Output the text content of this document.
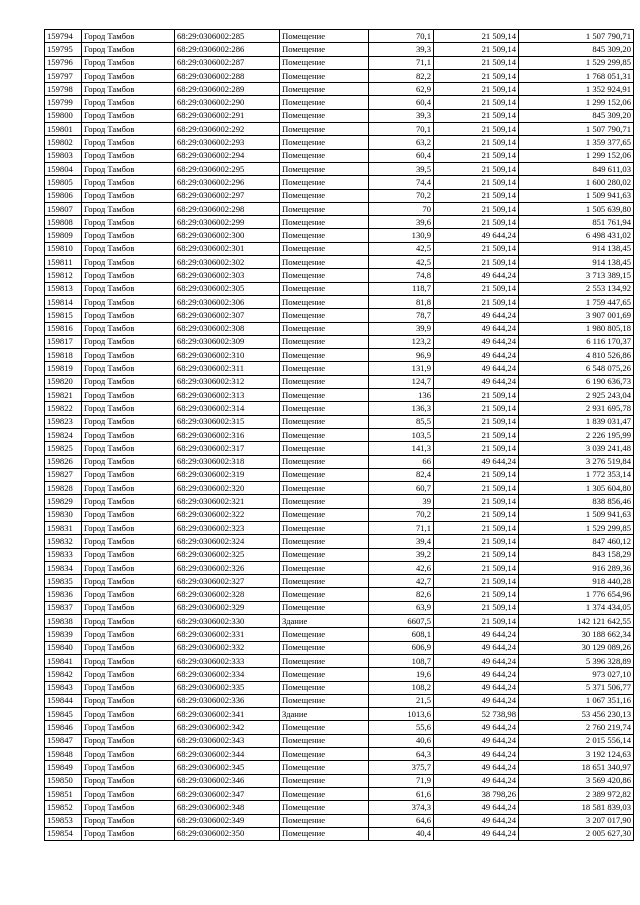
159794	Город Тамбов	68:29:0306002:285	Помещение	70,1	21 509,14	1 507 790,71
159795	Город Тамбов	68:29:0306002:286	Помещение	39,3	21 509,14	845 309,20
159796	Город Тамбов	68:29:0306002:287	Помещение	71,1	21 509,14	1 529 299,85
159797	Город Тамбов	68:29:0306002:288	Помещение	82,2	21 509,14	1 768 051,31
159798	Город Тамбов	68:29:0306002:289	Помещение	62,9	21 509,14	1 352 924,91
159799	Город Тамбов	68:29:0306002:290	Помещение	60,4	21 509,14	1 299 152,06
159800	Город Тамбов	68:29:0306002:291	Помещение	39,3	21 509,14	845 309,20
159801	Город Тамбов	68:29:0306002:292	Помещение	70,1	21 509,14	1 507 790,71
159802	Город Тамбов	68:29:0306002:293	Помещение	63,2	21 509,14	1 359 377,65
159803	Город Тамбов	68:29:0306002:294	Помещение	60,4	21 509,14	1 299 152,06
159804	Город Тамбов	68:29:0306002:295	Помещение	39,5	21 509,14	849 611,03
159805	Город Тамбов	68:29:0306002:296	Помещение	74,4	21 509,14	1 600 280,02
159806	Город Тамбов	68:29:0306002:297	Помещение	70,2	21 509,14	1 509 941,63
159807	Город Тамбов	68:29:0306002:298	Помещение	70	21 509,14	1 505 639,80
159808	Город Тамбов	68:29:0306002:299	Помещение	39,6	21 509,14	851 761,94
159809	Город Тамбов	68:29:0306002:300	Помещение	130,9	49 644,24	6 498 431,02
159810	Город Тамбов	68:29:0306002:301	Помещение	42,5	21 509,14	914 138,45
159811	Город Тамбов	68:29:0306002:302	Помещение	42,5	21 509,14	914 138,45
159812	Город Тамбов	68:29:0306002:303	Помещение	74,8	49 644,24	3 713 389,15
159813	Город Тамбов	68:29:0306002:305	Помещение	118,7	21 509,14	2 553 134,92
159814	Город Тамбов	68:29:0306002:306	Помещение	81,8	21 509,14	1 759 447,65
159815	Город Тамбов	68:29:0306002:307	Помещение	78,7	49 644,24	3 907 001,69
159816	Город Тамбов	68:29:0306002:308	Помещение	39,9	49 644,24	1 980 805,18
159817	Город Тамбов	68:29:0306002:309	Помещение	123,2	49 644,24	6 116 170,37
159818	Город Тамбов	68:29:0306002:310	Помещение	96,9	49 644,24	4 810 526,86
159819	Город Тамбов	68:29:0306002:311	Помещение	131,9	49 644,24	6 548 075,26
159820	Город Тамбов	68:29:0306002:312	Помещение	124,7	49 644,24	6 190 636,73
159821	Город Тамбов	68:29:0306002:313	Помещение	136	21 509,14	2 925 243,04
159822	Город Тамбов	68:29:0306002:314	Помещение	136,3	21 509,14	2 931 695,78
159823	Город Тамбов	68:29:0306002:315	Помещение	85,5	21 509,14	1 839 031,47
159824	Город Тамбов	68:29:0306002:316	Помещение	103,5	21 509,14	2 226 195,99
159825	Город Тамбов	68:29:0306002:317	Помещение	141,3	21 509,14	3 039 241,48
159826	Город Тамбов	68:29:0306002:318	Помещение	66	49 644,24	3 276 519,84
159827	Город Тамбов	68:29:0306002:319	Помещение	82,4	21 509,14	1 772 353,14
159828	Город Тамбов	68:29:0306002:320	Помещение	60,7	21 509,14	1 305 604,80
159829	Город Тамбов	68:29:0306002:321	Помещение	39	21 509,14	838 856,46
159830	Город Тамбов	68:29:0306002:322	Помещение	70,2	21 509,14	1 509 941,63
159831	Город Тамбов	68:29:0306002:323	Помещение	71,1	21 509,14	1 529 299,85
159832	Город Тамбов	68:29:0306002:324	Помещение	39,4	21 509,14	847 460,12
159833	Город Тамбов	68:29:0306002:325	Помещение	39,2	21 509,14	843 158,29
159834	Город Тамбов	68:29:0306002:326	Помещение	42,6	21 509,14	916 289,36
159835	Город Тамбов	68:29:0306002:327	Помещение	42,7	21 509,14	918 440,28
159836	Город Тамбов	68:29:0306002:328	Помещение	82,6	21 509,14	1 776 654,96
159837	Город Тамбов	68:29:0306002:329	Помещение	63,9	21 509,14	1 374 434,05
159838	Город Тамбов	68:29:0306002:330	Здание	6607,5	21 509,14	142 121 642,55
159839	Город Тамбов	68:29:0306002:331	Помещение	608,1	49 644,24	30 188 662,34
159840	Город Тамбов	68:29:0306002:332	Помещение	606,9	49 644,24	30 129 089,26
159841	Город Тамбов	68:29:0306002:333	Помещение	108,7	49 644,24	5 396 328,89
159842	Город Тамбов	68:29:0306002:334	Помещение	19,6	49 644,24	973 027,10
159843	Город Тамбов	68:29:0306002:335	Помещение	108,2	49 644,24	5 371 506,77
159844	Город Тамбов	68:29:0306002:336	Помещение	21,5	49 644,24	1 067 351,16
159845	Город Тамбов	68:29:0306002:341	Здание	1013,6	52 738,98	53 456 230,13
159846	Город Тамбов	68:29:0306002:342	Помещение	55,6	49 644,24	2 760 219,74
159847	Город Тамбов	68:29:0306002:343	Помещение	40,6	49 644,24	2 015 556,14
159848	Город Тамбов	68:29:0306002:344	Помещение	64,3	49 644,24	3 192 124,63
159849	Город Тамбов	68:29:0306002:345	Помещение	375,7	49 644,24	18 651 340,97
159850	Город Тамбов	68:29:0306002:346	Помещение	71,9	49 644,24	3 569 420,86
159851	Город Тамбов	68:29:0306002:347	Помещение	61,6	38 798,26	2 389 972,82
159852	Город Тамбов	68:29:0306002:348	Помещение	374,3	49 644,24	18 581 839,03
159853	Город Тамбов	68:29:0306002:349	Помещение	64,6	49 644,24	3 207 017,90
159854	Город Тамбов	68:29:0306002:350	Помещение	40,4	49 644,24	2 005 627,30
